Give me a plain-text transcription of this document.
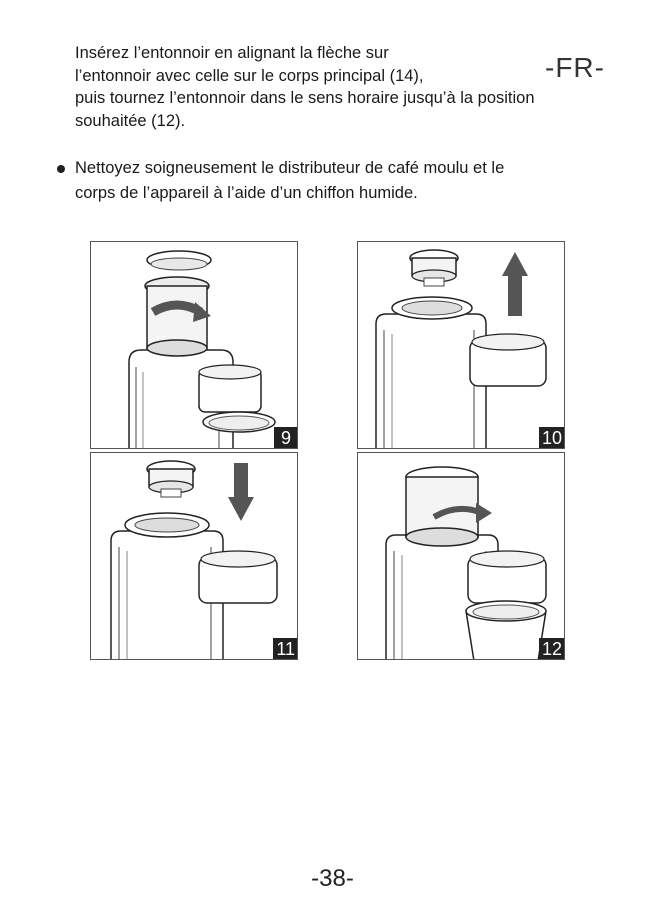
Insérez l’entonnoir en alignant la flèche sur
l’entonnoir avec celle sur le corps principal (14),
puis tournez l’entonnoir dans le sens horaire jusqu’à la position
souhaitée (12).
-FR-
Nettoyez soigneusement le distributeur de café moulu et le
corps de l’appareil à l’aide d’un chiffon humide.
9	10
11	12
-38-
